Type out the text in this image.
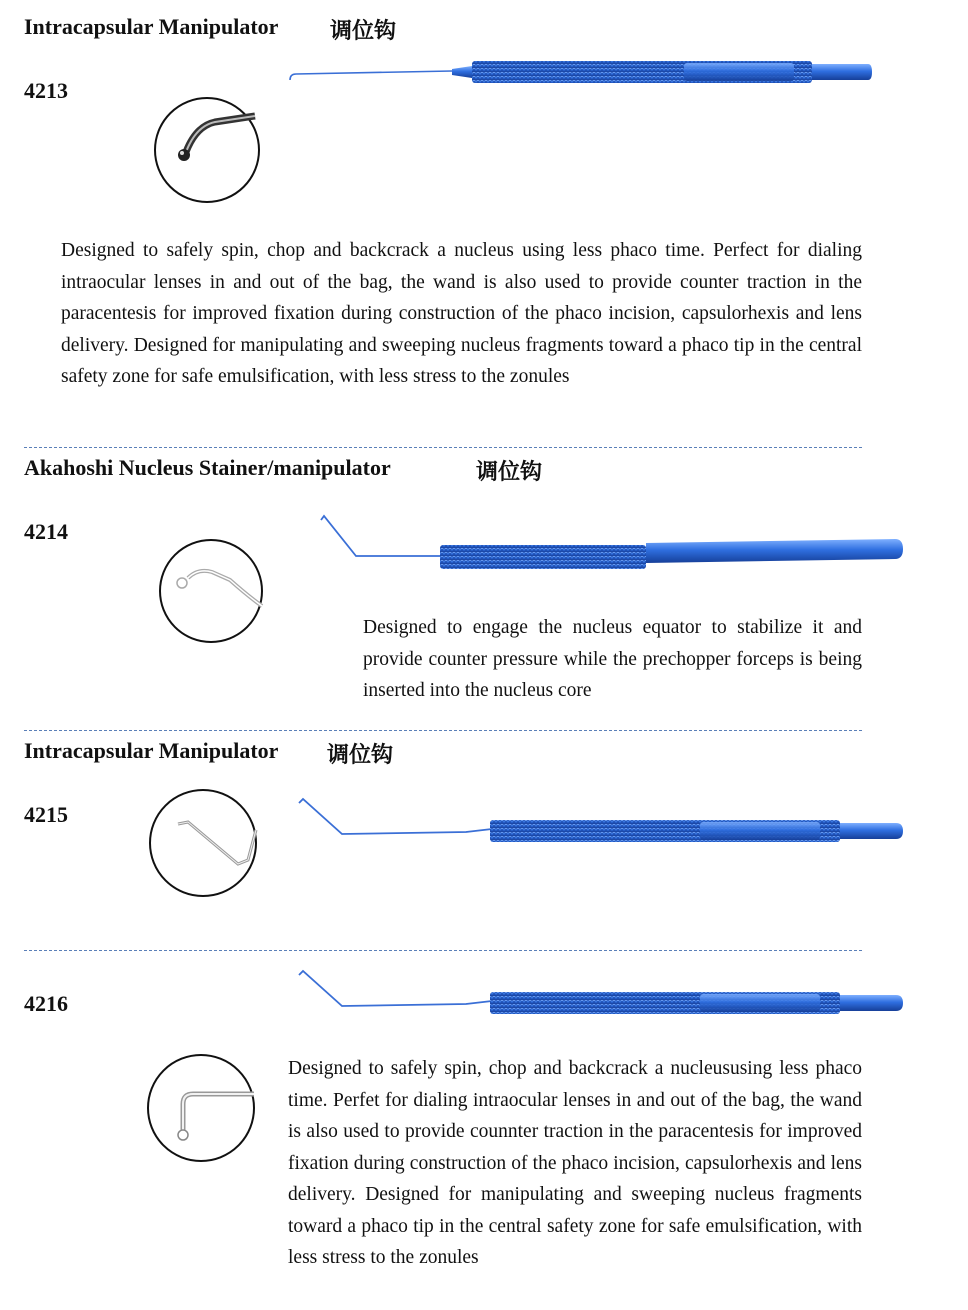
Intracapsular Manipulator 调位钩
4213
Designed to safely spin, chop and backcrack a nucleus using less phaco time. Perfect for dialing intraocular lenses in and out of the bag, the wand is also used to provide counter traction in the paracentesis for improved fixation during construction of the phaco incision, capsulorhexis and lens delivery. Designed for manipulating and sweeping nucleus fragments toward a phaco tip in the central safety zone for safe emulsification, with less stress to the zonules
Akahoshi Nucleus Stainer/manipulator	调位钩
4214
Designed to engage the nucleus equator to stabilize it and provide counter pressure while the prechopper forceps is being inserted into the nucleus core
Intracapsular Manipulator 调位钩
4215
4216
Designed to safely spin, chop and backcrack a nucleususing less phaco time. Perfet for dialing intraocular lenses in and out of the bag, the wand is also used to provide counnter traction in the paracentesis for improved fixation during construction of the phaco incision, capsulorhexis and lens delivery. Designed for manipulating and sweeping nucleus fragments toward a phaco tip in the central safety zone for safe emulsification, with less stress to the zonules
